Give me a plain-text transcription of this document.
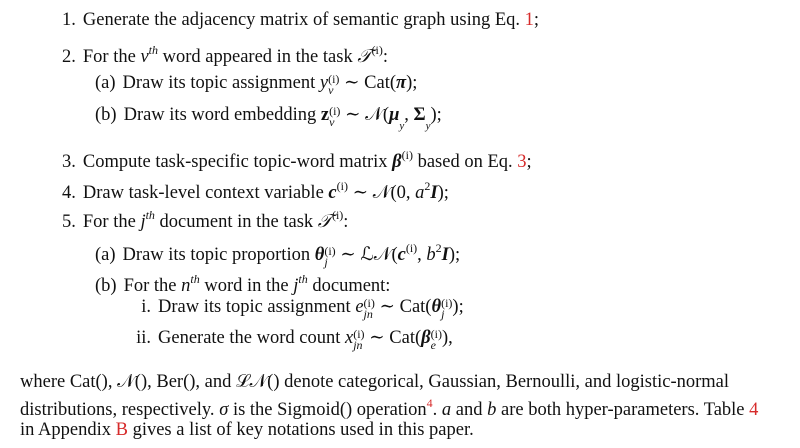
1. Generate the adjacency matrix of semantic graph using Eq. 1;
2. For the $v^{th}$ word appeared in the task 𝒯$^{(i)}$:
(a) Draw its topic assignment y (i)
v ∼ Cat(π);
(b) Draw its word embedding z (i)
v ∼ 𝒩(μ
y
, Σ
y
);
3. Compute task-specific topic-word matrix $\beta^{(i)}$ based on Eq. 3;
4. Draw task-level context variable $c^{(i)}$ ∼ 𝒩(0, $a^2I$);
5. For the $j^{th}$ document in the task 𝒯$^{(i)}$:
(a) Draw its topic proportion θ (i)
j ∼ $ℒ𝒩(c^{(i)}$, $b^2I$);
(b) For the $n^{th}$ word in the $j^{th}$ document:
i. Draw its topic assignment e (i)
jn ∼ Cat(θ (i)
j );
ii. Generate the word count x (i)
jn ∼ Cat(β (i)
e ),
where Cat(), 𝒩(), Ber(), and ℒ𝒩() denote categorical, Gaussian, Bernoulli, and logistic-normal
distributions, respectively. σ is the Sigmoid() operation$^4$. a and b are both hyper-parameters. Table 4
in Appendix B gives a list of key notations used in this paper.
